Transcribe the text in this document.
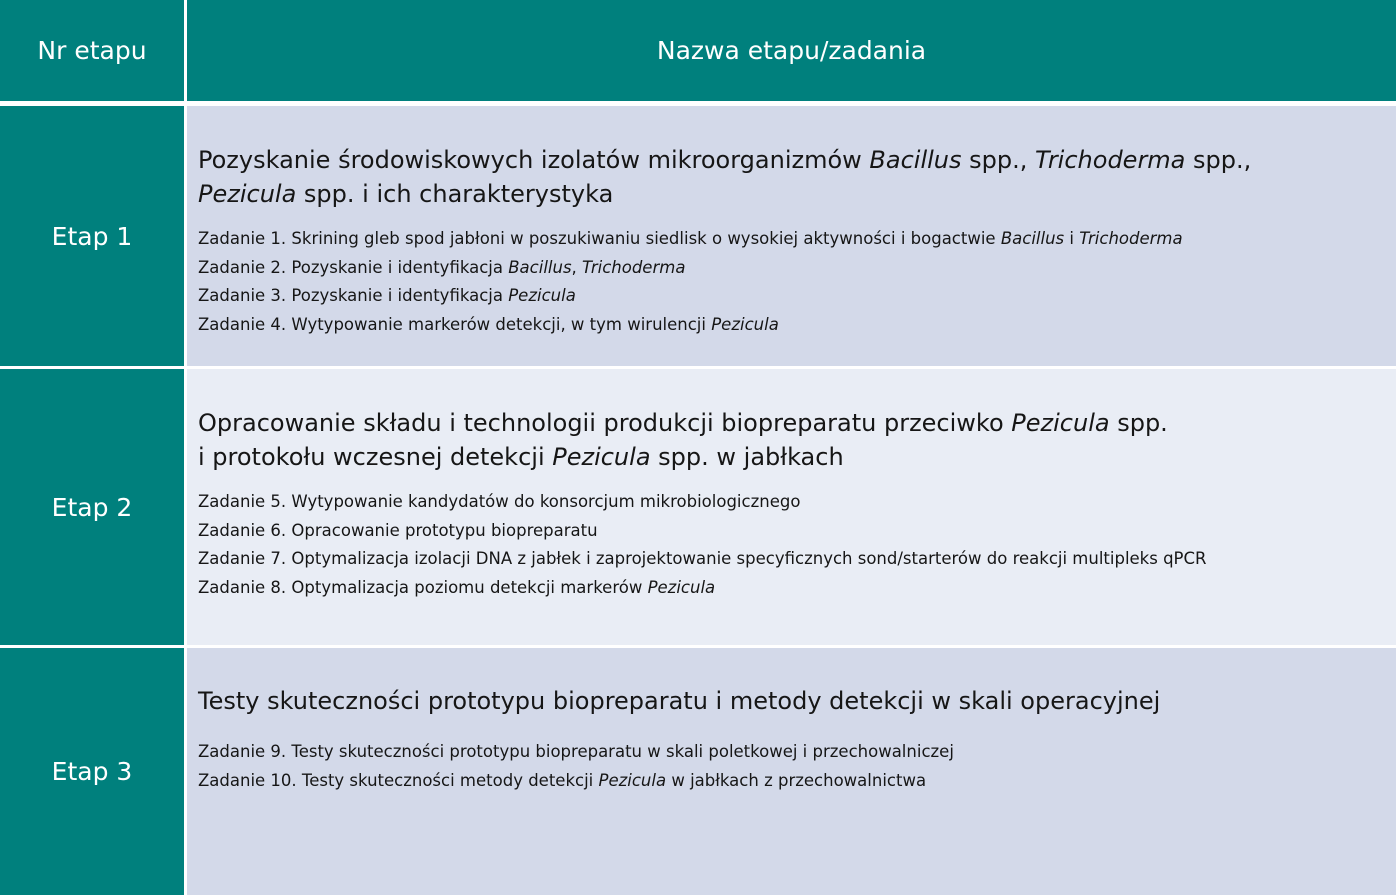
Nr etapu	Nazwa etapu/zadania
Etap 1
Pozyskanie środowiskowych izolatów mikroorganizmów Bacillus spp., Trichoderma spp.,
Pezicula spp. i ich charakterystyka
Zadanie 1. Skrining gleb spod jabłoni w poszukiwaniu siedlisk o wysokiej aktywności i bogactwie Bacillus i Trichoderma
Zadanie 2. Pozyskanie i identyfikacja Bacillus, Trichoderma
Zadanie 3. Pozyskanie i identyfikacja Pezicula
Zadanie 4. Wytypowanie markerów detekcji, w tym wirulencji Pezicula
Etap 2
Opracowanie składu i technologii produkcji biopreparatu przeciwko Pezicula spp.
i protokołu wczesnej detekcji Pezicula spp. w jabłkach
Zadanie 5. Wytypowanie kandydatów do konsorcjum mikrobiologicznego
Zadanie 6. Opracowanie prototypu biopreparatu
Zadanie 7. Optymalizacja izolacji DNA z jabłek i zaprojektowanie specyficznych sond/starterów do reakcji multipleks qPCR
Zadanie 8. Optymalizacja poziomu detekcji markerów Pezicula
Etap 3
Testy skuteczności prototypu biopreparatu i metody detekcji w skali operacyjnej
Zadanie 9. Testy skuteczności prototypu biopreparatu w skali poletkowej i przechowalniczej
Zadanie 10. Testy skuteczności metody detekcji Pezicula w jabłkach z przechowalnictwa
